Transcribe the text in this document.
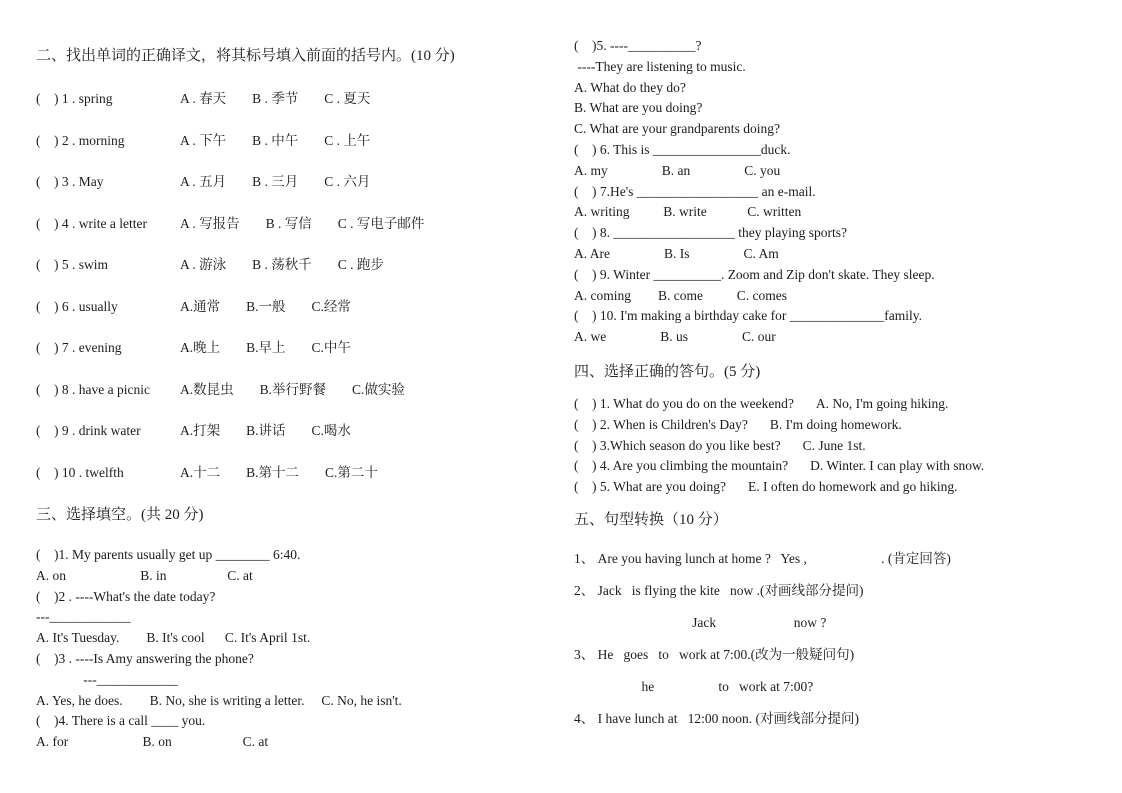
二、找出单词的正确译文，将其标号填入前面的括号内。(10 分)
(    ) 1 . spring	A . 春天 B . 季节 C . 夏天
(    ) 2 . morning	A . 下午 B . 中午 C . 上午
(    ) 3 . May	A . 五月 B . 三月 C . 六月
(    ) 4 . write a letter	A . 写报告 B . 写信 C . 写电子邮件
(    ) 5 . swim	A . 游泳 B . 荡秋千 C . 跑步
(    ) 6 . usually	A.通常 B.一般 C.经常
(    ) 7 . evening	A.晚上 B.早上 C.中午
(    ) 8 . have a picnic A.数昆虫 B.举行野餐 C.做实验
(    ) 9 . drink water	A.打架 B.讲话 C.喝水
(    ) 10 . twelfth	A.十二 B.第十二 C.第二十
三、选择填空。(共 20 分)
(    )1. My parents usually get up ________ 6:40.
A. on                      B. in                  C. at
(    )2 . ----What's the date today?
---____________
A. It's Tuesday.        B. It's cool      C. It's April 1st.
(    )3 . ----Is Amy answering the phone?
---____________
A. Yes, he does.        B. No, she is writing a letter.     C. No, he isn't.
(    )4. There is a call ____ you.
A. for                      B. on                     C. at
(    )5. ----__________?
----They are listening to music.
A. What do they do?
B. What are you doing?
C. What are your grandparents doing?
(    ) 6. This is ________________duck.
A. my                B. an                C. you
(    ) 7.He's __________________ an e-mail.
A. writing          B. write            C. written
(    ) 8. __________________ they playing sports?
A. Are                B. Is                C. Am
(    ) 9. Winter __________. Zoom and Zip don't skate. They sleep.
A. coming        B. come          C. comes
(    ) 10. I'm making a birthday cake for ______________family.
A. we                B. us                C. our
四、选择正确的答句。(5 分)
(    ) 1. What do you do on the weekend? A. No, I'm going hiking.
(    ) 2. When is Children's Day? B. I'm doing homework.
(    ) 3.Which season do you like best? C. June 1st.
(    ) 4. Are you climbing the mountain? D. Winter. I can play with snow.
(    ) 5. What are you doing? E. I often do homework and go hiking.
五、句型转换（10 分）
1、 Are you having lunch at home ?   Yes ,                      . (肯定回答)
2、 Jack   is flying the kite   now .(对画线部分提问)
Jack                       now ?
3、 He   goes   to   work at 7:00.(改为一般疑问句)
he                   to   work at 7:00?
4、 I have lunch at   12:00 noon. (对画线部分提问)
